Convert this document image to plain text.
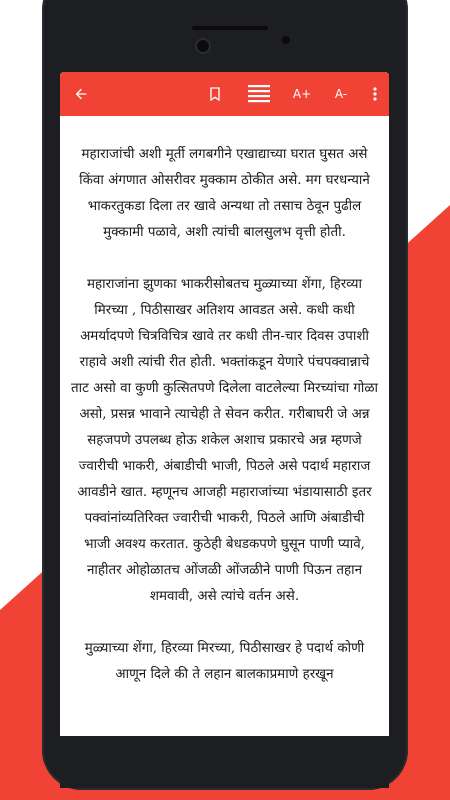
A+	A-

महाराजांची अशी मूर्ती लगबगीने एखाद्याच्या घरात घुसत असे किंवा अंगणात ओसरीवर मुक्काम ठोकीत असे. मग घरधन्याने भाकरतुकडा दिला तर खावे अन्यथा तो तसाच ठेवून पुढील मुक्कामी पळावे, अशी त्यांची बालसुलभ वृत्ती होती.

महाराजांना झुणका भाकरीसोबतच मुळ्याच्या शेंगा, हिरव्या मिरच्या , पिठीसाखर अतिशय आवडत असे. कधी कधी अमर्यादपणे चित्रविचित्र खावे तर कधी तीन-चार दिवस उपाशी राहावे अशी त्यांची रीत होती. भक्तांकडून येणारे पंचपक्वान्नाचे ताट असो वा कुणी कुत्सितपणे दिलेला वाटलेल्या मिरच्यांचा गोळा असो, प्रसन्न भावाने त्याचेही ते सेवन करीत. गरीबाघरी जे अन्न सहजपणे उपलब्ध होऊ शकेल अशाच प्रकारचे अन्न म्हणजे ज्वारीची भाकरी, अंबाडीची भाजी, पिठले असे पदार्थ महाराज आवडीने खात. म्हणूनच आजही महाराजांच्या भंडायासाठी इतर पक्वांनांव्यतिरिक्त ज्वारीची भाकरी, पिठले आणि अंबाडीची भाजी अवश्य करतात. कुठेही बेधडकपणे घुसून पाणी प्यावे, नाहीतर ओहोळातच ओंजळी ओंजळीने पाणी पिऊन तहान शमवावी, असे त्यांचे वर्तन असे.

मुळ्याच्या शेंगा, हिरव्या मिरच्या, पिठीसाखर हे पदार्थ कोणी आणून दिले की ते लहान बालकाप्रमाणे हरखून
